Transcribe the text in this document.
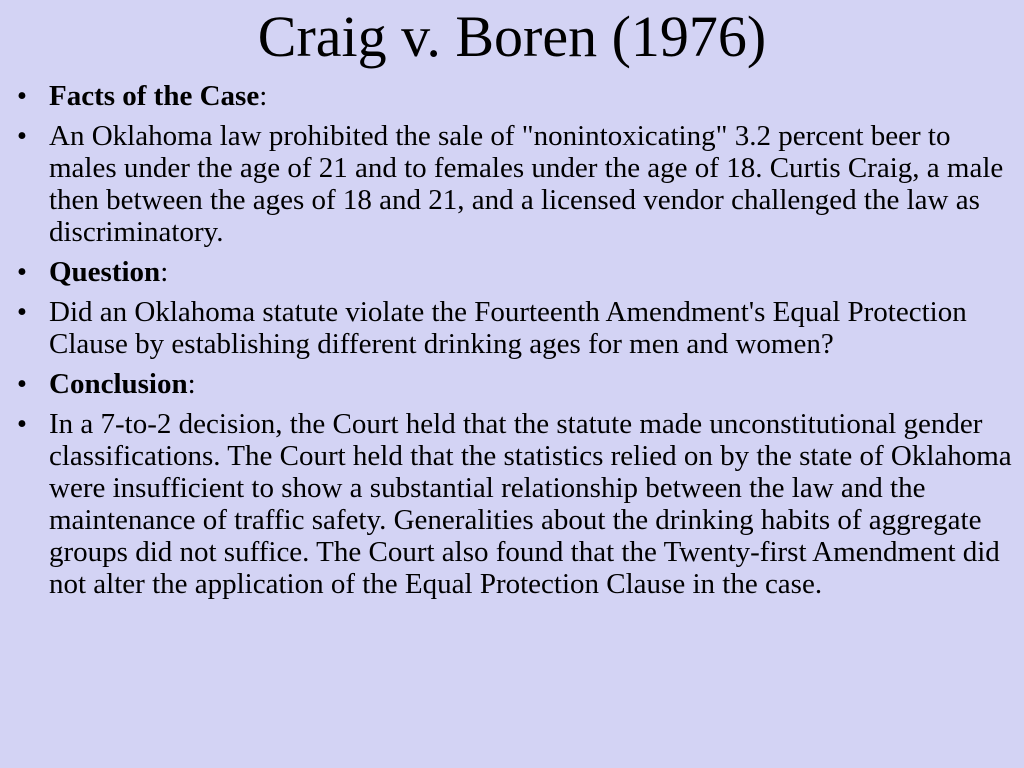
Craig v. Boren (1976)
• Facts of the Case:
• An Oklahoma law prohibited the sale of "nonintoxicating" 3.2 percent beer to males under the age of 21 and to females under the age of 18. Curtis Craig, a male then between the ages of 18 and 21, and a licensed vendor challenged the law as discriminatory.
• Question:
• Did an Oklahoma statute violate the Fourteenth Amendment's Equal Protection Clause by establishing different drinking ages for men and women?
• Conclusion:
• In a 7-to-2 decision, the Court held that the statute made unconstitutional gender classifications. The Court held that the statistics relied on by the state of Oklahoma were insufficient to show a substantial relationship between the law and the maintenance of traffic safety. Generalities about the drinking habits of aggregate groups did not suffice. The Court also found that the Twenty-first Amendment did not alter the application of the Equal Protection Clause in the case.
